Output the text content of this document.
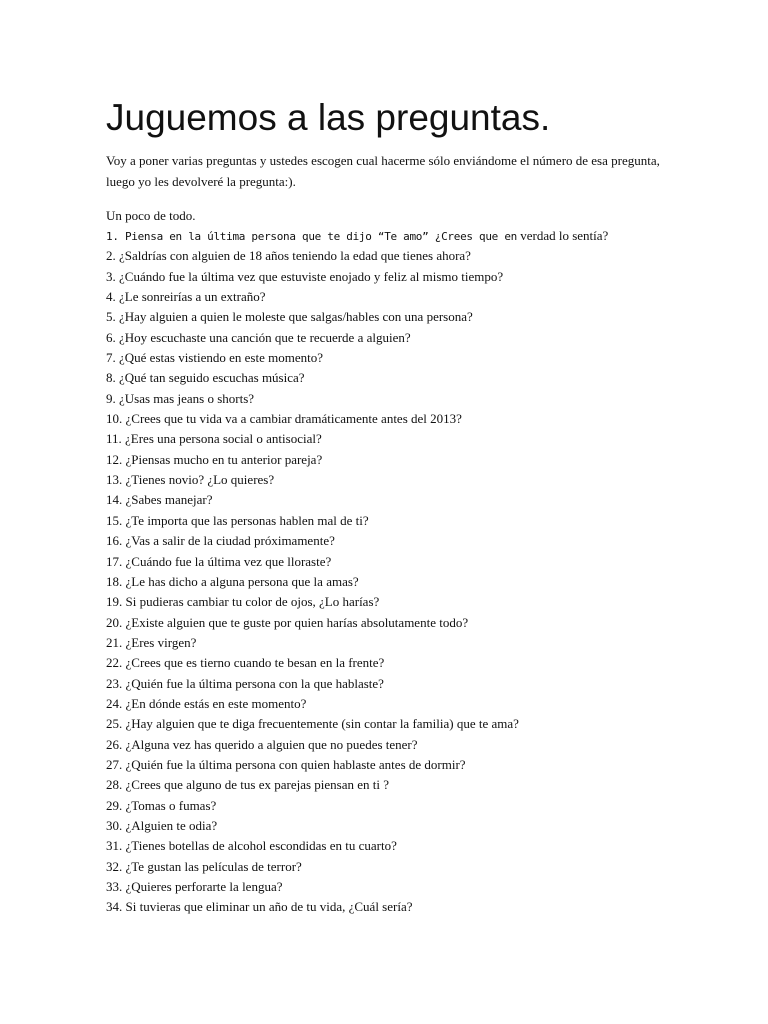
Juguemos a las preguntas.

Voy a poner varias preguntas y ustedes escogen cual hacerme sólo enviándome el número de esa pregunta, luego yo les devolveré la pregunta:).

Un poco de todo.

1. Piensa en la última persona que te dijo “Te amo” ¿Crees que en verdad lo sentía?
2. ¿Saldrías con alguien de 18 años teniendo la edad que tienes ahora?
3. ¿Cuándo fue la última vez que estuviste enojado y feliz al mismo tiempo?
4. ¿Le sonreirías a un extraño?
5. ¿Hay alguien a quien le moleste que salgas/hables con una persona?
6. ¿Hoy escuchaste una canción que te recuerde a alguien?
7. ¿Qué estas vistiendo en este momento?
8. ¿Qué tan seguido escuchas música?
9. ¿Usas mas jeans o shorts?
10. ¿Crees que tu vida va a cambiar dramáticamente antes del 2013?
11. ¿Eres una persona social o antisocial?
12. ¿Piensas mucho en tu anterior pareja?
13. ¿Tienes novio? ¿Lo quieres?
14. ¿Sabes manejar?
15. ¿Te importa que las personas hablen mal de ti?
16. ¿Vas a salir de la ciudad próximamente?
17. ¿Cuándo fue la última vez que lloraste?
18. ¿Le has dicho a alguna persona que la amas?
19. Si pudieras cambiar tu color de ojos, ¿Lo harías?
20. ¿Existe alguien que te guste por quien harías absolutamente todo?
21. ¿Eres virgen?
22. ¿Crees que es tierno cuando te besan en la frente?
23. ¿Quién fue la última persona con la que hablaste?
24. ¿En dónde estás en este momento?
25. ¿Hay alguien que te diga frecuentemente (sin contar la familia) que te ama?
26. ¿Alguna vez has querido a alguien que no puedes tener?
27. ¿Quién fue la última persona con quien hablaste antes de dormir?
28. ¿Crees que alguno de tus ex parejas piensan en ti ?
29. ¿Tomas o fumas?
30. ¿Alguien te odia?
31. ¿Tienes botellas de alcohol escondidas en tu cuarto?
32. ¿Te gustan las películas de terror?
33. ¿Quieres perforarte la lengua?
34. Si tuvieras que eliminar un año de tu vida, ¿Cuál sería?
